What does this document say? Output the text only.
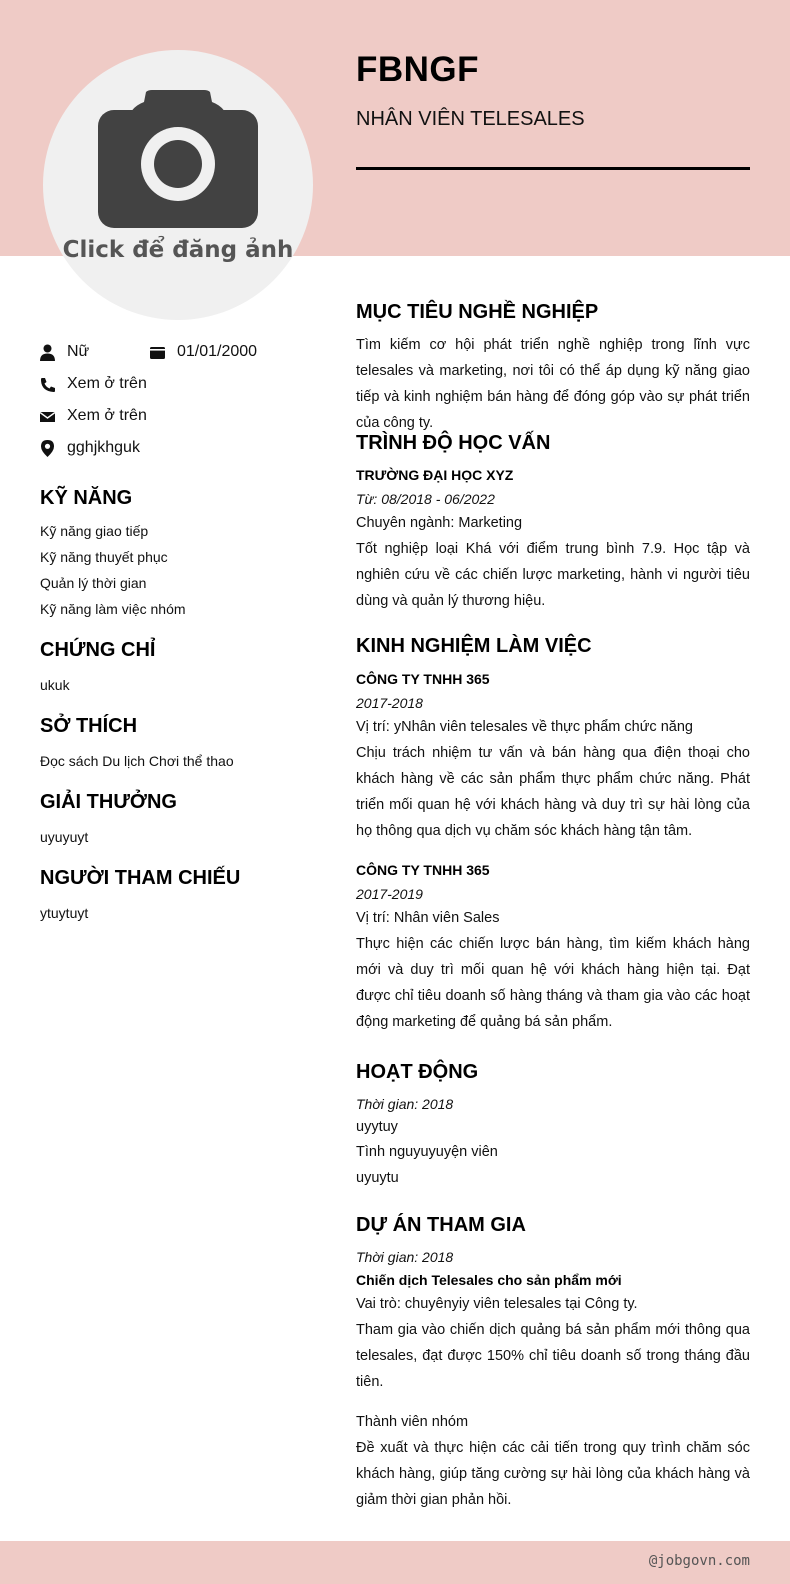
Click để đăng ảnh
FBNGF
NHÂN VIÊN TELESALES
Nữ	01/01/2000
Xem ở trên
Xem ở trên
gghjkhguk
KỸ NĂNG
Kỹ năng giao tiếp
Kỹ năng thuyết phục
Quản lý thời gian
Kỹ năng làm việc nhóm
CHỨNG CHỈ
ukuk
SỞ THÍCH
Đọc sách Du lịch Chơi thể thao
GIẢI THƯỞNG
uyuyuyt
NGƯỜI THAM CHIẾU
ytuytuyt
MỤC TIÊU NGHỀ NGHIỆP
Tìm kiếm cơ hội phát triển nghề nghiệp trong lĩnh vực telesales và marketing, nơi tôi có thể áp dụng kỹ năng giao tiếp và kinh nghiệm bán hàng để đóng góp vào sự phát triển của công ty.
TRÌNH ĐỘ HỌC VẤN
TRƯỜNG ĐẠI HỌC XYZ
Từ: 08/2018 - 06/2022
Chuyên ngành: Marketing
Tốt nghiệp loại Khá với điểm trung bình 7.9. Học tập và nghiên cứu về các chiến lược marketing, hành vi người tiêu dùng và quản lý thương hiệu.
KINH NGHIỆM LÀM VIỆC
CÔNG TY TNHH 365
2017-2018
Vị trí: yNhân viên telesales về thực phẩm chức năng
Chịu trách nhiệm tư vấn và bán hàng qua điện thoại cho khách hàng về các sản phẩm thực phẩm chức năng. Phát triển mối quan hệ với khách hàng và duy trì sự hài lòng của họ thông qua dịch vụ chăm sóc khách hàng tận tâm.
CÔNG TY TNHH 365
2017-2019
Vị trí: Nhân viên Sales
Thực hiện các chiến lược bán hàng, tìm kiếm khách hàng mới và duy trì mối quan hệ với khách hàng hiện tại. Đạt được chỉ tiêu doanh số hàng tháng và tham gia vào các hoạt động marketing để quảng bá sản phẩm.
HOẠT ĐỘNG
Thời gian: 2018
uyytuy
Tình nguyuyuyện viên
uyuytu
DỰ ÁN THAM GIA
Thời gian: 2018
Chiến dịch Telesales cho sản phẩm mới
Vai trò: chuyênyiy viên telesales tại Công ty.
Tham gia vào chiến dịch quảng bá sản phẩm mới thông qua telesales, đạt được 150% chỉ tiêu doanh số trong tháng đầu tiên.
Thành viên nhóm
Đề xuất và thực hiện các cải tiến trong quy trình chăm sóc khách hàng, giúp tăng cường sự hài lòng của khách hàng và giảm thời gian phản hồi.
@jobgovn.com
